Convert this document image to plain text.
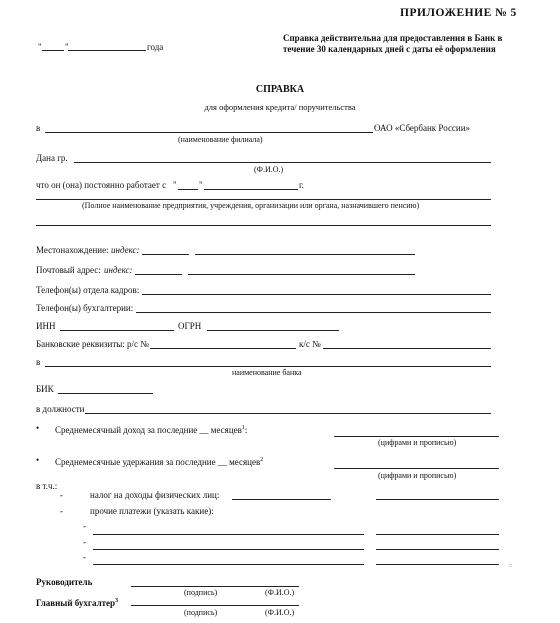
ПРИЛОЖЕНИЕ № 5
"	"	года
Справка действительна для предоставления в Банк в течение 30 календарных дней с даты её оформления
СПРАВКА
для оформления кредита/ поручительства
в	ОАО «Сбербанк России»
(наименование филиала)
Дана гр.
(Ф.И.О.)
что он (она) постоянно работает с " "	г.
(Полное наименование предприятия, учреждения, организации или органа, назначившего пенсию)
Местонахождение: индекс:
Почтовый адрес: индекс:
Телефон(ы) отдела кадров:
Телефон(ы) бухгалтерии:
ИНН	ОГРН
Банковские реквизиты: р/с №	к/с №
в
наименование банка
БИК
в должности
• Среднемесячный доход за последние __ месяцев$^1$:
(цифрами и прописью)
• Среднемесячные удержания за последние __ месяцев$^2$
(цифрами и прописью)
в т.ч.:
-	налог на доходы физических лиц:
-	прочие платежи (указать какие):
-
-
-
□
Руководитель
(подпись)	(Ф.И.О.)
Главный бухгалтер$^3$
(подпись)	(Ф.И.О.)
